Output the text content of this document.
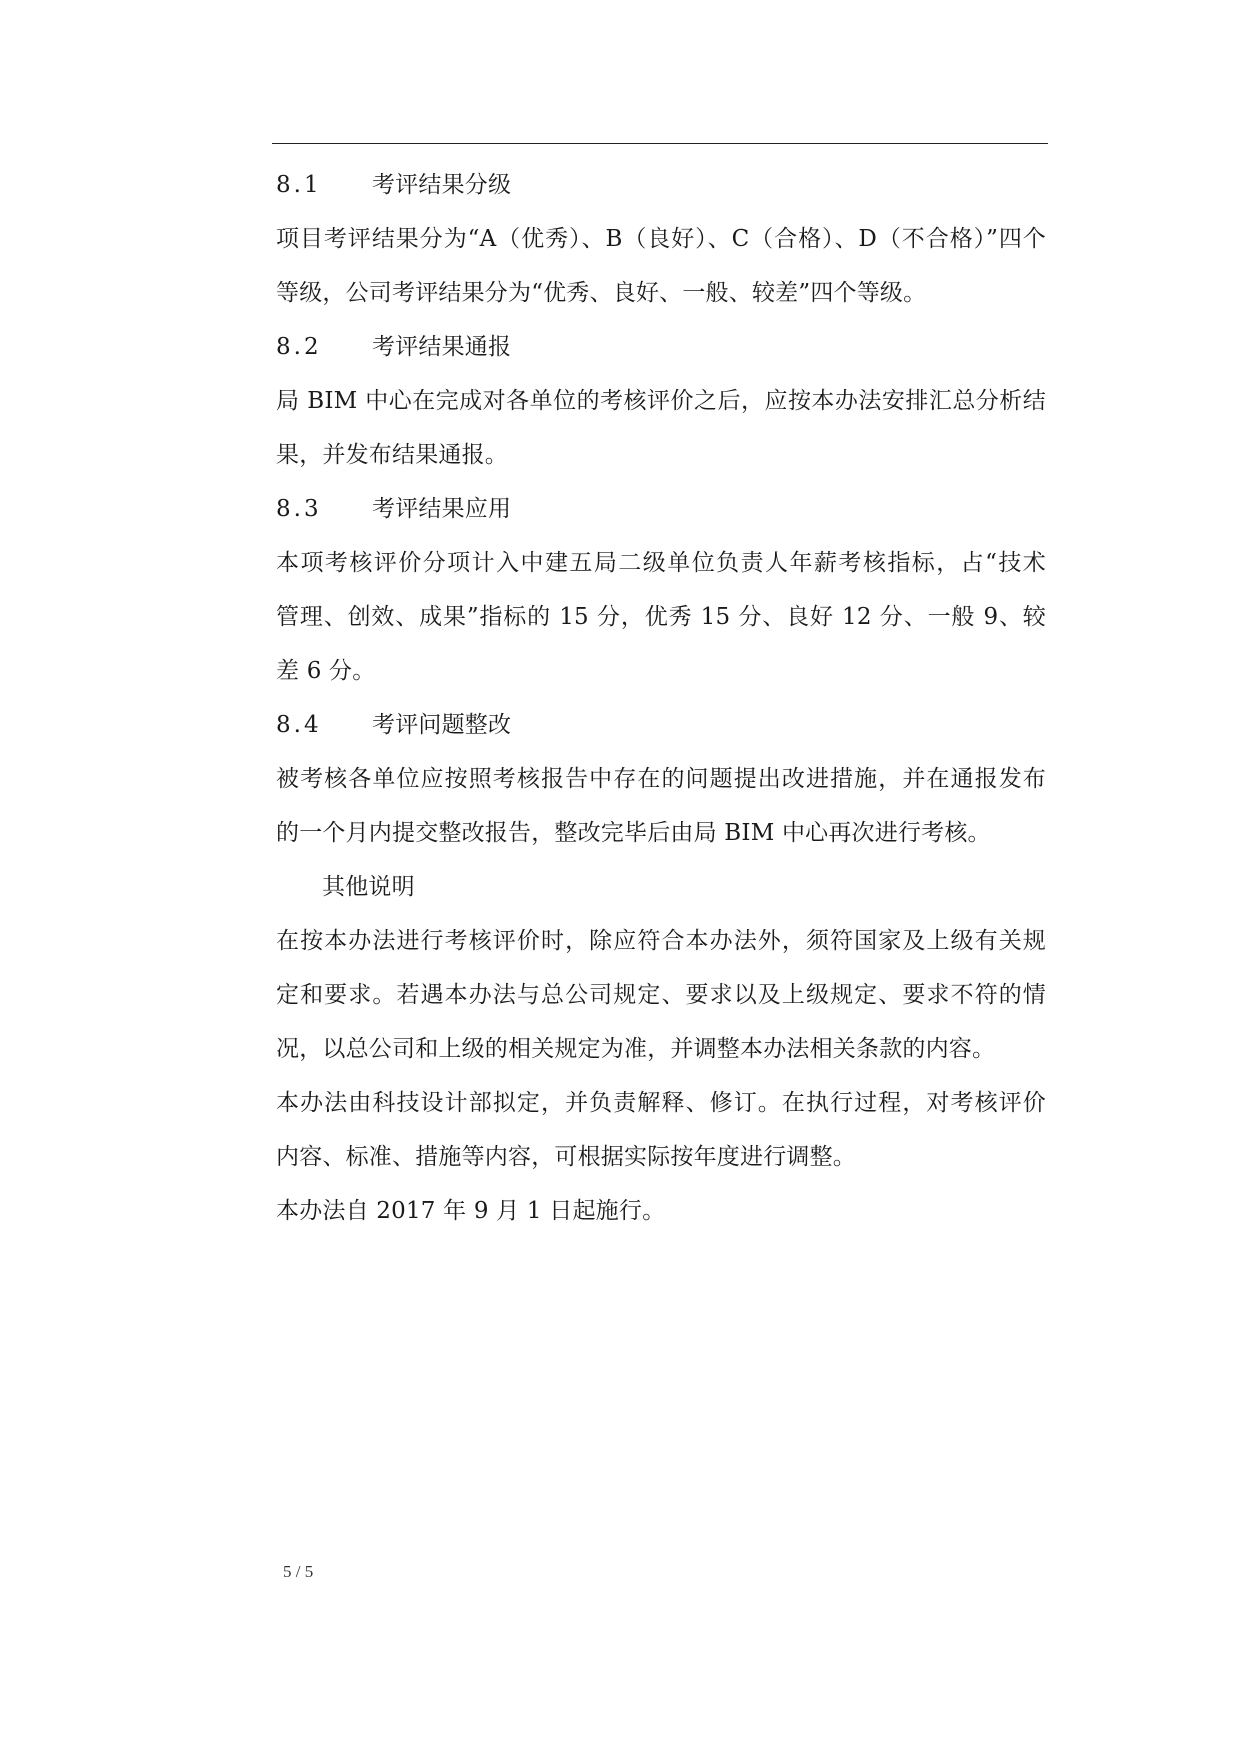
8.1 考评结果分级
项目考评结果分为“A（优秀）、B（良好）、C（合格）、D（不合格）”四个
等级，公司考评结果分为“优秀、良好、一般、较差”四个等级。
8.2 考评结果通报
局 BIM 中心在完成对各单位的考核评价之后，应按本办法安排汇总分析结
果，并发布结果通报。
8.3 考评结果应用
本项考核评价分项计入中建五局二级单位负责人年薪考核指标，占“技术
管理、创效、成果”指标的 15 分，优秀 15 分、良好 12 分、一般 9、较
差 6 分。
8.4 考评问题整改
被考核各单位应按照考核报告中存在的问题提出改进措施，并在通报发布
的一个月内提交整改报告，整改完毕后由局 BIM 中心再次进行考核。
其他说明
在按本办法进行考核评价时，除应符合本办法外，须符国家及上级有关规
定和要求。若遇本办法与总公司规定、要求以及上级规定、要求不符的情
况，以总公司和上级的相关规定为准，并调整本办法相关条款的内容。
本办法由科技设计部拟定，并负责解释、修订。在执行过程，对考核评价
内容、标准、措施等内容，可根据实际按年度进行调整。
本办法自 2017 年 9 月 1 日起施行。
5 / 5
